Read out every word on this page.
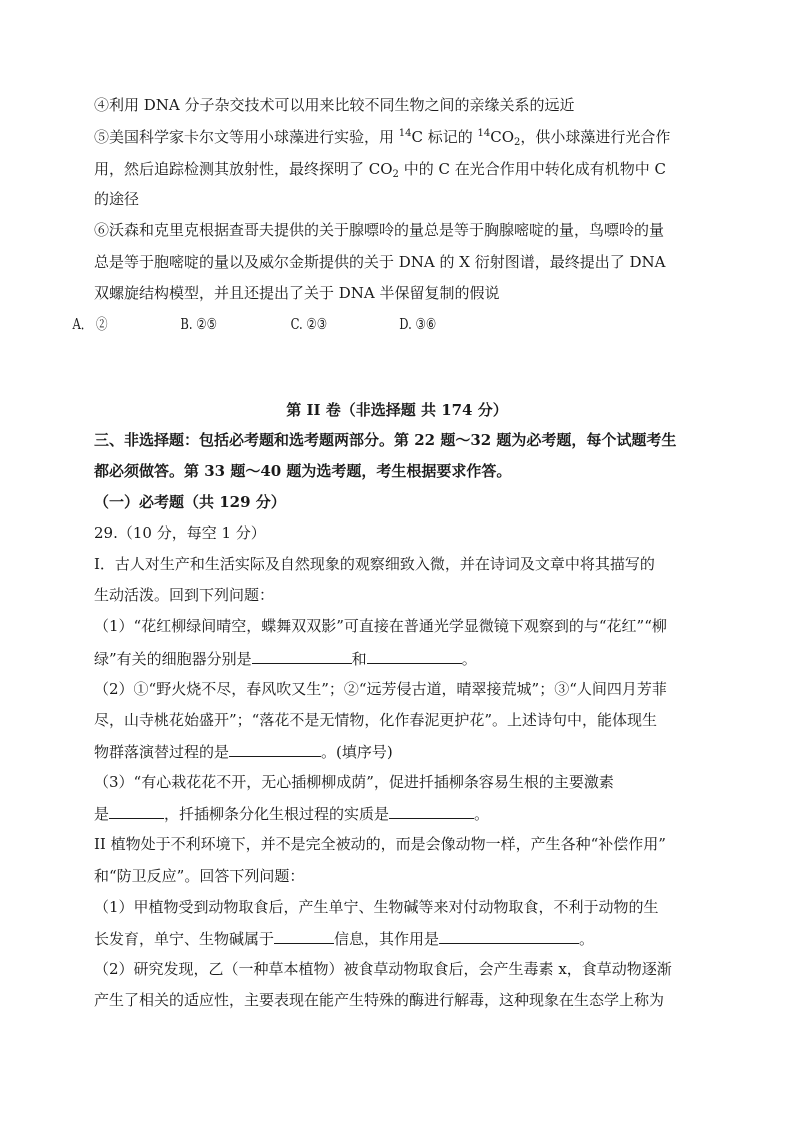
④利用 DNA 分子杂交技术可以用来比较不同生物之间的亲缘关系的远近
⑤美国科学家卡尔文等用小球藻进行实验，用 $^{14}$C 标记的 $^{14}CO_2$，供小球藻进行光合作
用，然后追踪检测其放射性，最终探明了 $CO_2$ 中的 C 在光合作用中转化成有机物中 C
的途径
⑥沃森和克里克根据查哥夫提供的关于腺嘌呤的量总是等于胸腺嘧啶的量，鸟嘌呤的量
总是等于胞嘧啶的量以及威尔金斯提供的关于 DNA 的 X 衍射图谱，最终提出了 DNA
双螺旋结构模型，并且还提出了关于 DNA 半保留复制的假说
A． ②	B. ②⑤	C. ②③	D. ③⑥
第 II 卷（非选择题 共 174 分）
三、非选择题：包括必考题和选考题两部分。第 22 题～32 题为必考题，每个试题考生
都必须做答。第 33 题～40 题为选考题，考生根据要求作答。
（一）必考题（共 129 分）
29.（10 分，每空 1 分）
I．古人对生产和生活实际及自然现象的观察细致入微，并在诗词及文章中将其描写的
生动活泼。回到下列问题：
（1）“花红柳绿间晴空，蝶舞双双影”可直接在普通光学显微镜下观察到的与“花红”“柳
绿”有关的细胞器分别是	和	。
（2）①“野火烧不尽，春风吹又生”；②“远芳侵古道，晴翠接荒城”；③“人间四月芳菲
尽，山寺桃花始盛开”；“落花不是无情物，化作春泥更护花”。上述诗句中，能体现生
物群落演替过程的是	。(填序号)
（3）“有心栽花花不开，无心插柳柳成荫”，促进扦插柳条容易生根的主要激素
是	，扦插柳条分化生根过程的实质是	。
II 植物处于不利环境下，并不是完全被动的，而是会像动物一样，产生各种“补偿作用”
和“防卫反应”。回答下列问题：
（1）甲植物受到动物取食后，产生单宁、生物碱等来对付动物取食，不利于动物的生
长发育，单宁、生物碱属于	信息，其作用是	。
（2）研究发现，乙（一种草本植物）被食草动物取食后，会产生毒素 x，食草动物逐渐
产生了相关的适应性，主要表现在能产生特殊的酶进行解毒，这种现象在生态学上称为
